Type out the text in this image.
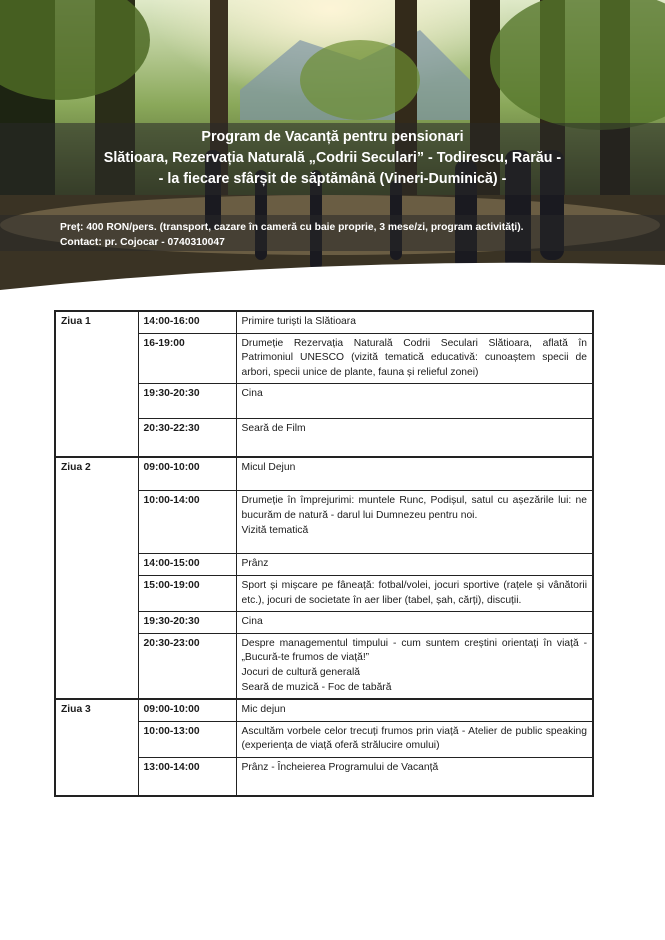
Program de Vacanță pentru pensionari
Slătioara, Rezervația Naturală „Codrii Seculari” - Todirescu, Rarău -
- la fiecare sfârșit de săptămână (Vineri-Duminică) -
Preț: 400 RON/pers. (transport, cazare în cameră cu baie proprie, 3 mese/zi, program activități).
Contact: pr. Cojocar - 0740310047
Ziua 1	14:00-16:00	Primire turiști la Slătioara
	16-19:00	Drumeție Rezervația Naturală Codrii Seculari Slătioara, aflată în Patrimoniul UNESCO (vizită tematică educativă: cunoaștem specii de arbori, specii unice de plante, fauna și relieful zonei)
	19:30-20:30	Cina
	20:30-22:30	Seară de Film
Ziua 2	09:00-10:00	Micul Dejun
	10:00-14:00	Drumeție în împrejurimi: muntele Runc, Podișul, satul cu așezările lui: ne bucurăm de natură - darul lui Dumnezeu pentru noi.
Vizită tematică

	14:00-15:00	Prânz
	15:00-19:00	Sport și mișcare pe fâneață: fotbal/volei, jocuri sportive (rațele și vânătorii etc.), jocuri de societate în aer liber (tabel, șah, cărți), discuții.
	19:30-20:30	Cina
	20:30-23:00	Despre managementul timpului - cum suntem creștini orientați în viață - „Bucură-te frumos de viață!”
Jocuri de cultură generală
Seară de muzică - Foc de tabără

Ziua 3	09:00-10:00	Mic dejun
	10:00-13:00	Ascultăm vorbele celor trecuți frumos prin viață - Atelier de public speaking (experiența de viață oferă strălucire omului)
	13:00-14:00	Prânz - Încheierea Programului de Vacanță
